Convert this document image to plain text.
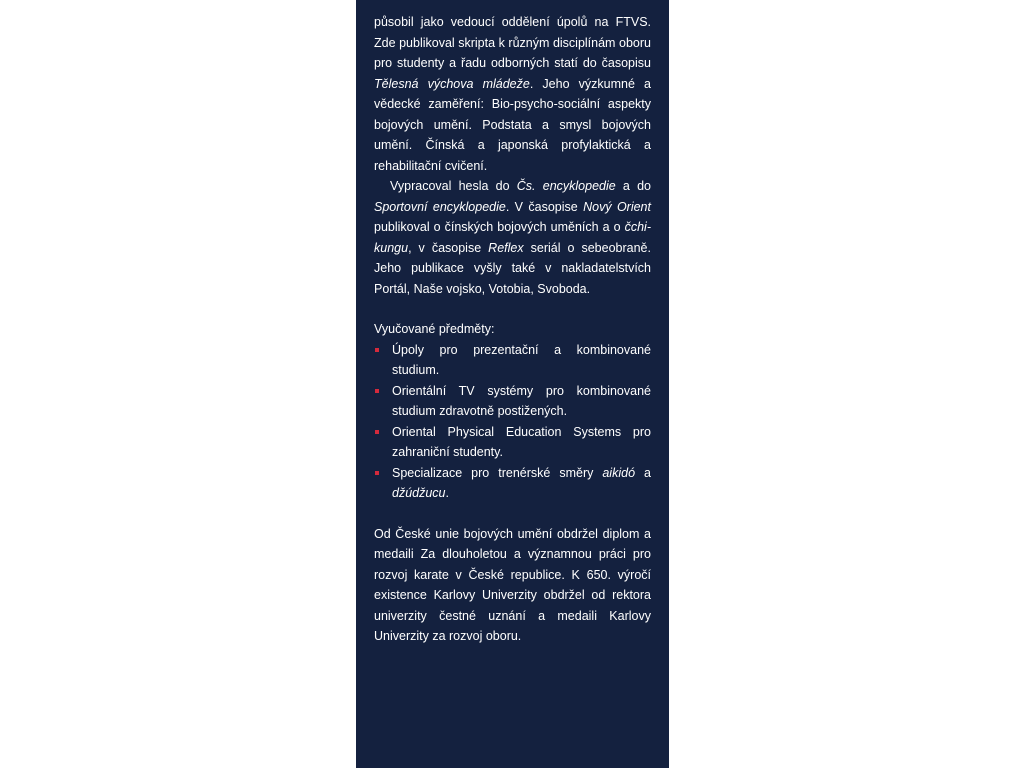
působil jako vedoucí oddělení úpolů na FTVS. Zde publikoval skripta k různým disciplínám oboru pro studenty a řadu odborných statí do časopisu Tělesná výchova mládeže. Jeho výzkumné a vědecké zaměření: Bio-psycho-sociální aspekty bojových umění. Podstata a smysl bojových umění. Čínská a japonská profylaktická a rehabilitační cvičení.

Vypracoval hesla do Čs. encyklopedie a do Sportovní encyklopedie. V časopise Nový Orient publikoval o čínských bojových uměních a o čchi-kungu, v časopise Reflex seriál o sebeobraně. Jeho publikace vyšly také v nakladatelstvích Portál, Naše vojsko, Votobia, Svoboda.

Vyučované předměty:

Úpoly pro prezentační a kombinované studium.
Orientální TV systémy pro kombinované studium zdravotně postižených.
Oriental Physical Education Systems pro zahraniční studenty.
Specializace pro trenérské směry aikidó a džúdžucu.

Od České unie bojových umění obdržel diplom a medaili Za dlouholetou a významnou práci pro rozvoj karate v České republice. K 650. výročí existence Karlovy Univerzity obdržel od rektora univerzity čestné uznání a medaili Karlovy Univerzity za rozvoj oboru.
